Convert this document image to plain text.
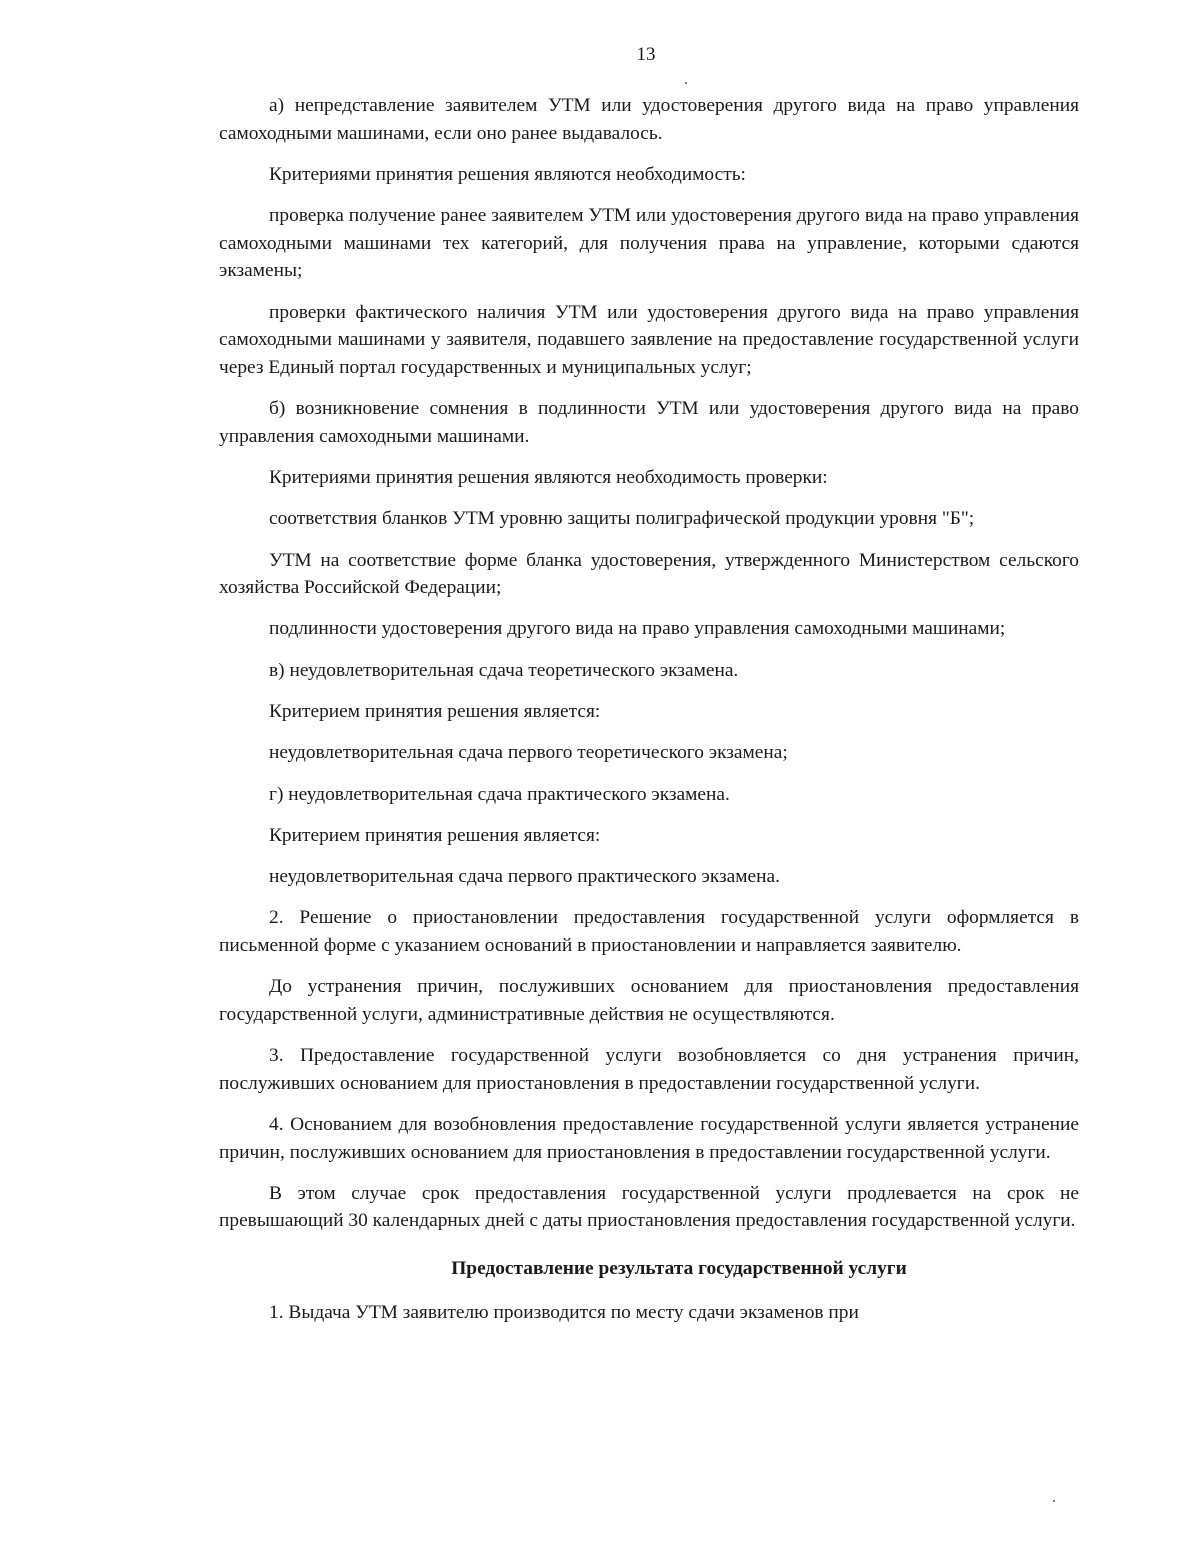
13

а) непредставление заявителем УТМ или удостоверения другого вида на право управления самоходными машинами, если оно ранее выдавалось.

Критериями принятия решения являются необходимость:

проверка получение ранее заявителем УТМ или удостоверения другого вида на право управления самоходными машинами тех категорий, для получения права на управление, которыми сдаются экзамены;

проверки фактического наличия УТМ или удостоверения другого вида на право управления самоходными машинами у заявителя, подавшего заявление на предоставление государственной услуги через Единый портал государственных и муниципальных услуг;

б) возникновение сомнения в подлинности УТМ или удостоверения другого вида на право управления самоходными машинами.

Критериями принятия решения являются необходимость проверки:

соответствия бланков УТМ уровню защиты полиграфической продукции уровня "Б";

УТМ на соответствие форме бланка удостоверения, утвержденного Министерством сельского хозяйства Российской Федерации;

подлинности удостоверения другого вида на право управления самоходными машинами;

в) неудовлетворительная сдача теоретического экзамена.

Критерием принятия решения является:

неудовлетворительная сдача первого теоретического экзамена;

г) неудовлетворительная сдача практического экзамена.

Критерием принятия решения является:

неудовлетворительная сдача первого практического экзамена.

2. Решение о приостановлении предоставления государственной услуги оформляется в письменной форме с указанием оснований в приостановлении и направляется заявителю.

До устранения причин, послуживших основанием для приостановления предоставления государственной услуги, административные действия не осуществляются.

3. Предоставление государственной услуги возобновляется со дня устранения причин, послуживших основанием для приостановления в предоставлении государственной услуги.

4. Основанием для возобновления предоставление государственной услуги является устранение причин, послуживших основанием для приостановления в предоставлении государственной услуги.

В этом случае срок предоставления государственной услуги продлевается на срок не превышающий 30 календарных дней с даты приостановления предоставления государственной услуги.

Предоставление результата государственной услуги

1. Выдача УТМ заявителю производится по месту сдачи экзаменов при
